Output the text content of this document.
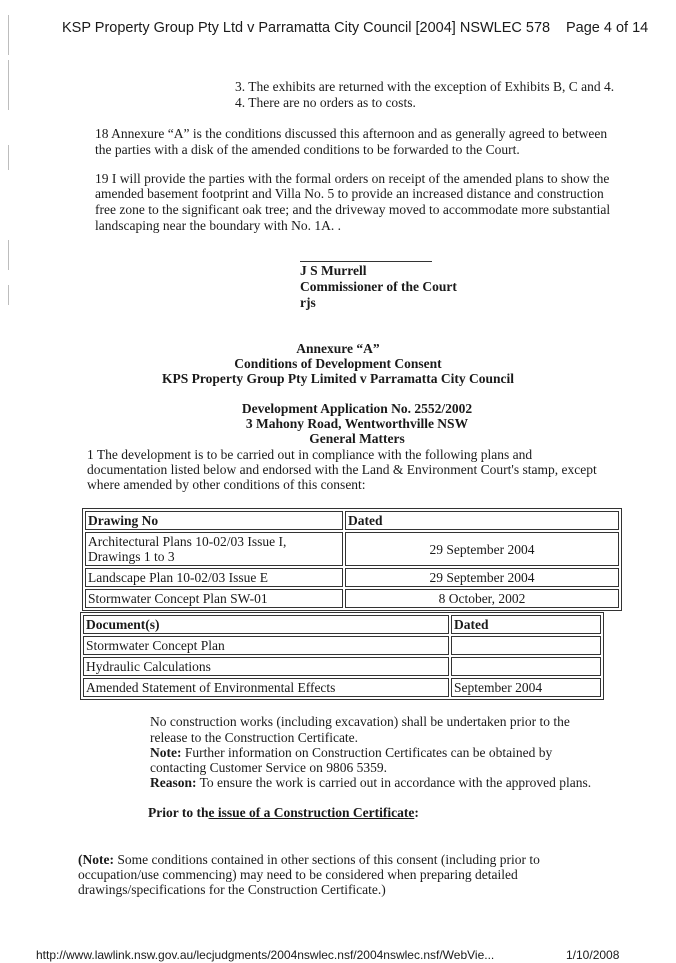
KSP Property Group Pty Ltd v Parramatta City Council [2004] NSWLEC 578 Page 4 of 14
3. The exhibits are returned with the exception of Exhibits B, C and 4.
4. There are no orders as to costs.
18 Annexure “A” is the conditions discussed this afternoon and as generally agreed to between
the parties with a disk of the amended conditions to be forwarded to the Court.
19 I will provide the parties with the formal orders on receipt of the amended plans to show the
amended basement footprint and Villa No. 5 to provide an increased distance and construction
free zone to the significant oak tree; and the driveway moved to accommodate more substantial
landscaping near the boundary with No. 1A. .
J S Murrell
Commissioner of the Court
rjs
Annexure “A”
Conditions of Development Consent
KPS Property Group Pty Limited v Parramatta City Council
Development Application No. 2552/2002
3 Mahony Road, Wentworthville NSW
General Matters
1 The development is to be carried out in compliance with the following plans and
documentation listed below and endorsed with the Land & Environment Court's stamp, except
where amended by other conditions of this consent:
Drawing No	Dated

Architectural Plans 10-02/03 Issue I,
Drawings 1 to 3	29 September 2004
Landscape Plan 10-02/03 Issue E	29 September 2004
Stormwater Concept Plan SW-01	8 October, 2002
Document(s)	Dated
Stormwater Concept Plan	
Hydraulic Calculations	
Amended Statement of Environmental Effects	September 2004
No construction works (including excavation) shall be undertaken prior to the
release to the Construction Certificate.
Note: Further information on Construction Certificates can be obtained by
contacting Customer Service on 9806 5359.
Reason: To ensure the work is carried out in accordance with the approved plans.
Prior to the issue of a Construction Certificate:
(Note: Some conditions contained in other sections of this consent (including prior to
occupation/use commencing) may need to be considered when preparing detailed
drawings/specifications for the Construction Certificate.)
http://www.lawlink.nsw.gov.au/lecjudgments/2004nswlec.nsf/2004nswlec.nsf/WebVie...	1/10/2008
